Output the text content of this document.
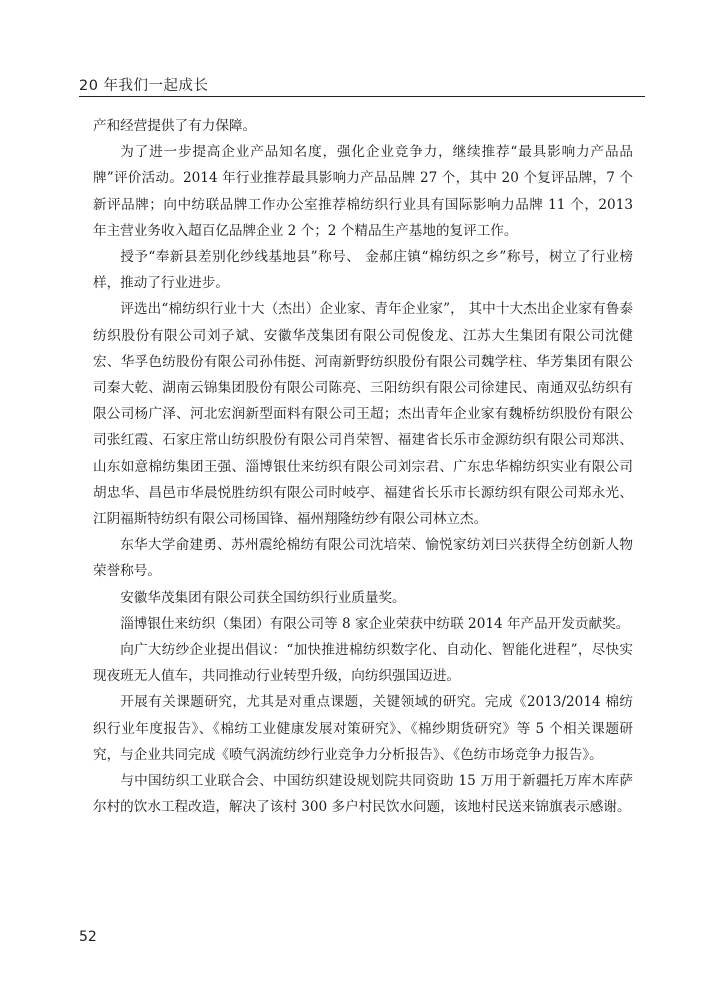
20 年我们一起成长

产和经营提供了有力保障。

为了进一步提高企业产品知名度，强化企业竞争力，继续推荐“最具影响力产品品牌”评价活动。2014 年行业推荐最具影响力产品品牌 27 个，其中 20 个复评品牌，7 个新评品牌；向中纺联品牌工作办公室推荐棉纺织行业具有国际影响力品牌 11 个，2013 年主营业务收入超百亿品牌企业 2 个；2 个精品生产基地的复评工作。

授予“奉新县差别化纱线基地县”称号、 金郝庄镇“棉纺织之乡”称号，树立了行业榜样，推动了行业进步。

评选出“棉纺织行业十大（杰出）企业家、青年企业家”， 其中十大杰出企业家有鲁泰纺织股份有限公司刘子斌、安徽华茂集团有限公司倪俊龙、江苏大生集团有限公司沈健宏、华孚色纺股份有限公司孙伟挺、河南新野纺织股份有限公司魏学柱、华芳集团有限公司秦大乾、湖南云锦集团股份有限公司陈亮、三阳纺织有限公司徐建民、南通双弘纺织有限公司杨广泽、河北宏润新型面料有限公司王超；杰出青年企业家有魏桥纺织股份有限公司张红霞、石家庄常山纺织股份有限公司肖荣智、福建省长乐市金源纺织有限公司郑洪、山东如意棉纺集团王强、淄博银仕来纺织有限公司刘宗君、广东忠华棉纺织实业有限公司胡忠华、昌邑市华晨悦胜纺织有限公司时岐亭、福建省长乐市长源纺织有限公司郑永光、江阴福斯特纺织有限公司杨国锋、福州翔隆纺纱有限公司林立杰。

东华大学俞建勇、苏州震纶棉纺有限公司沈培荣、愉悦家纺刘曰兴获得全纺创新人物荣誉称号。

安徽华茂集团有限公司获全国纺织行业质量奖。

淄博银仕来纺织（集团）有限公司等 8 家企业荣获中纺联 2014 年产品开发贡献奖。

向广大纺纱企业提出倡议：“加快推进棉纺织数字化、自动化、智能化进程”，尽快实现夜班无人值车，共同推动行业转型升级，向纺织强国迈进。

开展有关课题研究，尤其是对重点课题，关键领域的研究。完成《2013/2014 棉纺织行业年度报告》、《棉纺工业健康发展对策研究》、《棉纱期货研究》等 5 个相关课题研究，与企业共同完成《喷气涡流纺纱行业竞争力分析报告》、《色纺市场竞争力报告》。

与中国纺织工业联合会、中国纺织建设规划院共同资助 15 万用于新疆托万库木库萨尔村的饮水工程改造，解决了该村 300 多户村民饮水问题，该地村民送来锦旗表示感谢。

52
